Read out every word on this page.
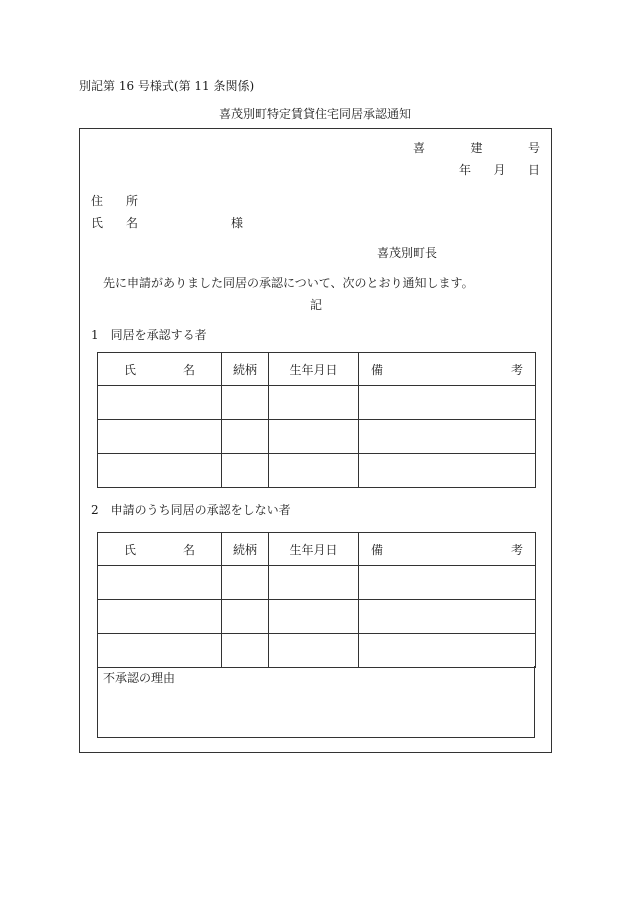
別記第 16 号様式(第 11 条関係)
喜茂別町特定賃貸住宅同居承認通知
喜	建	号
年 月 日
住 所
氏 名	様
喜茂別町長
先に申請がありました同居の承認について、次のとおり通知します。
記
1　同居を承認する者
氏 名	続柄	生年月日	備 考

2　申請のうち同居の承認をしない者
氏 名	続柄	生年月日	備 考

不承認の理由
